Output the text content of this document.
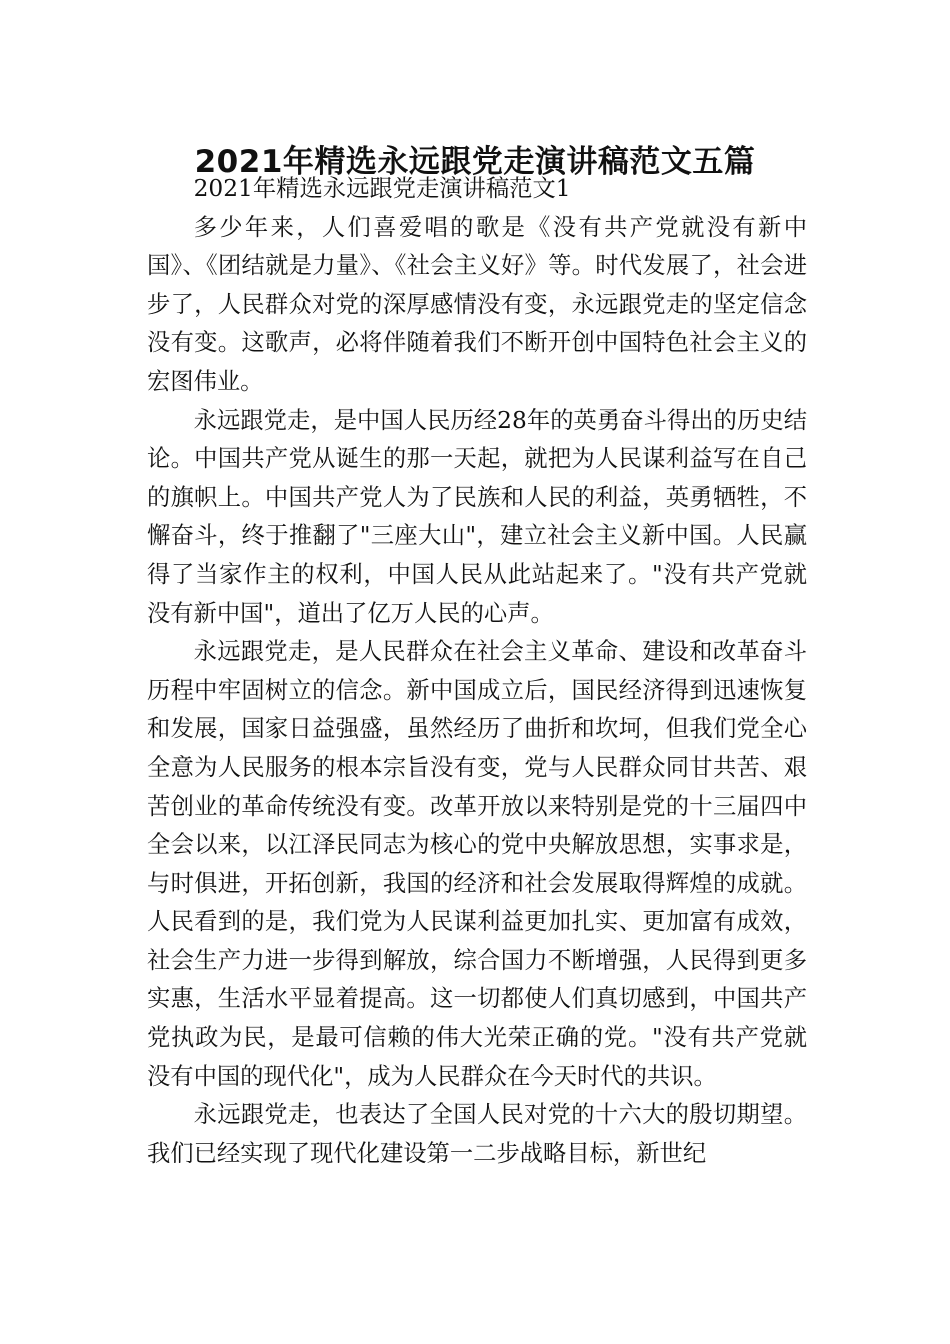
2021年精选永远跟党走演讲稿范文五篇
2021年精选永远跟党走演讲稿范文1

多少年来，人们喜爱唱的歌是《没有共产党就没有新中国》、《团结就是力量》、《社会主义好》等。时代发展了，社会进步了，人民群众对党的深厚感情没有变，永远跟党走的坚定信念没有变。这歌声，必将伴随着我们不断开创中国特色社会主义的宏图伟业。

永远跟党走，是中国人民历经28年的英勇奋斗得出的历史结论。中国共产党从诞生的那一天起，就把为人民谋利益写在自己的旗帜上。中国共产党人为了民族和人民的利益，英勇牺牲，不懈奋斗，终于推翻了"三座大山"，建立社会主义新中国。人民赢得了当家作主的权利，中国人民从此站起来了。"没有共产党就没有新中国"，道出了亿万人民的心声。

永远跟党走，是人民群众在社会主义革命、建设和改革奋斗历程中牢固树立的信念。新中国成立后，国民经济得到迅速恢复和发展，国家日益强盛，虽然经历了曲折和坎坷，但我们党全心全意为人民服务的根本宗旨没有变，党与人民群众同甘共苦、艰苦创业的革命传统没有变。改革开放以来特别是党的十三届四中全会以来，以江泽民同志为核心的党中央解放思想，实事求是，与时俱进，开拓创新，我国的经济和社会发展取得辉煌的成就。人民看到的是，我们党为人民谋利益更加扎实、更加富有成效，社会生产力进一步得到解放，综合国力不断增强，人民得到更多实惠，生活水平显着提高。这一切都使人们真切感到，中国共产党执政为民，是最可信赖的伟大光荣正确的党。"没有共产党就没有中国的现代化"，成为人民群众在今天时代的共识。

永远跟党走，也表达了全国人民对党的十六大的殷切期望。我们已经实现了现代化建设第一二步战略目标，新世纪
